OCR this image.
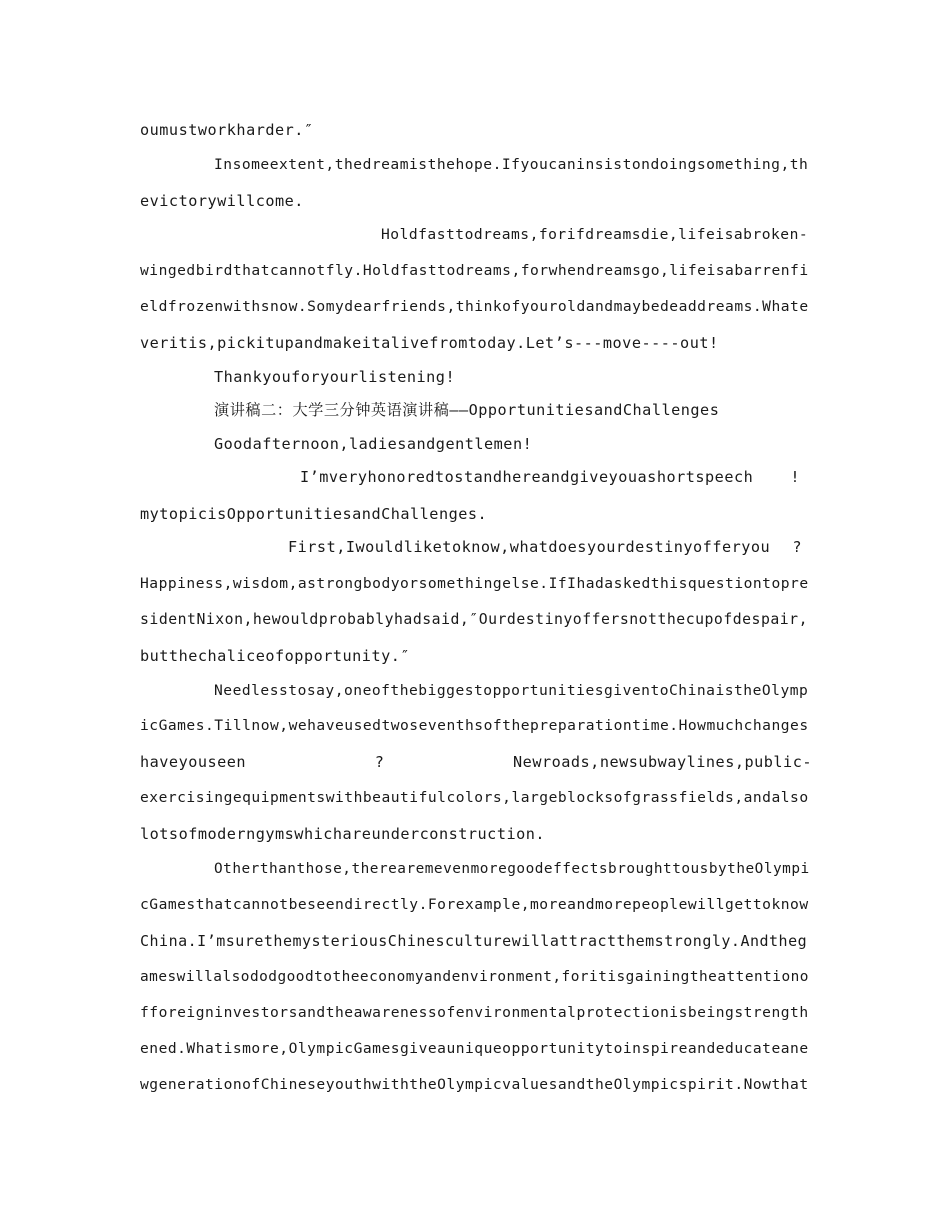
oumustworkharder.″
Insomeextent,thedreamisthehope.Ifyoucaninsistondoingsomething,th
evictorywillcome.
Holdfasttodreams,forifdreamsdie,lifeisabroken-
wingedbirdthatcannotfly.Holdfasttodreams,forwhendreamsgo,lifeisabarrenfi
eldfrozenwithsnow.Somydearfriends,thinkofyouroldandmaybedeaddreams.Whate
veritis,pickitupandmakeitalivefromtoday.Let’s---move----out!
Thankyouforyourlistening!
演讲稿二：大学三分钟英语演讲稿——OpportunitiesandChallenges
Goodafternoon,ladiesandgentlemen!
I’mveryhonoredtostandhereandgiveyouashortspeech !
mytopicisOpportunitiesandChallenges.
First,Iwouldliketoknow,whatdoesyourdestinyofferyou ?
Happiness,wisdom,astrongbodyorsomethingelse.IfIhadaskedthisquestiontopre
sidentNixon,hewouldprobablyhadsaid,″Ourdestinyoffersnotthecupofdespair,
butthechaliceofopportunity.″
Needlesstosay,oneofthebiggestopportunitiesgiventoChinaistheOlymp
icGames.Tillnow,wehaveusedtwoseventhsofthepreparationtime.Howmuchchanges
haveyouseen	?	Newroads,newsubwaylines,public-
exercisingequipmentswithbeautifulcolors,largeblocksofgrassfields,andalso
lotsofmoderngymswhichareunderconstruction.
Otherthanthose,therearemevenmoregoodeffectsbroughttousbytheOlympi
cGamesthatcannotbeseendirectly.Forexample,moreandmorepeoplewillgettoknow
China.I’msurethemysteriousChinesculturewillattractthemstrongly.Andtheg
ameswillalsododgoodtotheeconomyandenvironment,foritisgainingtheattentiono
fforeigninvestorsandtheawarenessofenvironmentalprotectionisbeingstrength
ened.Whatismore,OlympicGamesgiveauniqueopportunitytoinspireandeducateane
wgenerationofChineseyouthwiththeOlympicvaluesandtheOlympicspirit.Nowthat
